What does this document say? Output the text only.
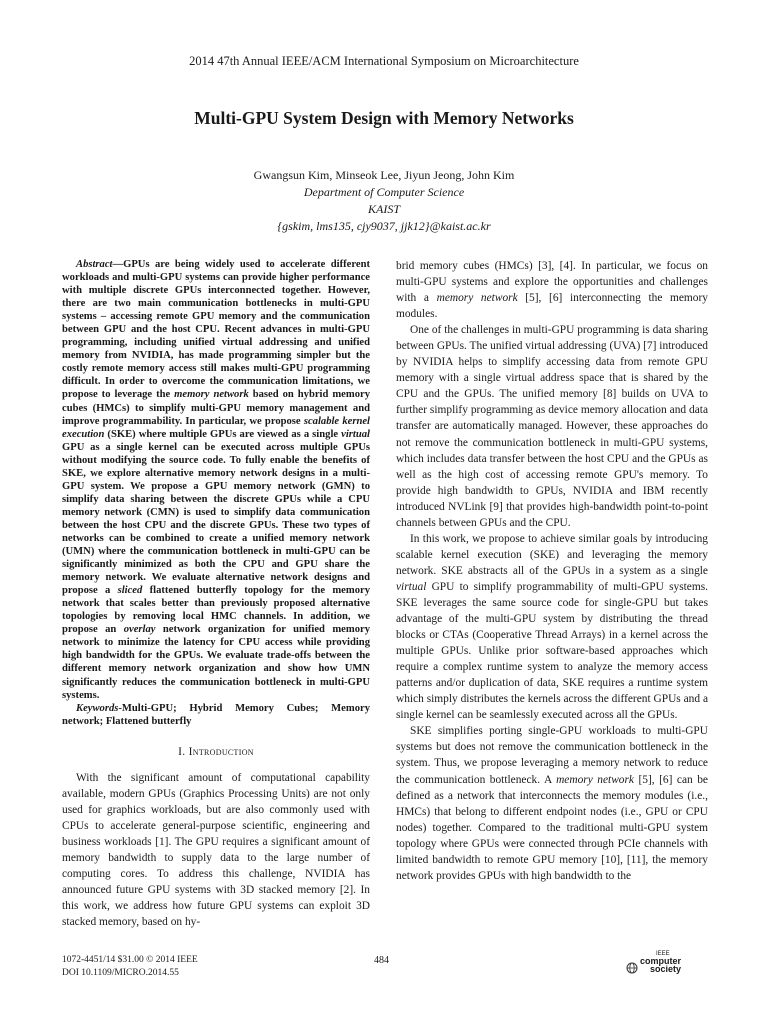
2014 47th Annual IEEE/ACM International Symposium on Microarchitecture
Multi-GPU System Design with Memory Networks
Gwangsun Kim, Minseok Lee, Jiyun Jeong, John Kim
Department of Computer Science
KAIST
{gskim, lms135, cjy9037, jjk12}@kaist.ac.kr

Abstract—GPUs are being widely used to accelerate different workloads and multi-GPU systems can provide higher performance with multiple discrete GPUs interconnected together. However, there are two main communication bottlenecks in multi-GPU systems – accessing remote GPU memory and the communication between GPU and the host CPU. Recent advances in multi-GPU programming, including unified virtual addressing and unified memory from NVIDIA, has made programming simpler but the costly remote memory access still makes multi-GPU programming difficult. In order to overcome the communication limitations, we propose to leverage the memory network based on hybrid memory cubes (HMCs) to simplify multi-GPU memory management and improve programmability. In particular, we propose scalable kernel execution (SKE) where multiple GPUs are viewed as a single virtual GPU as a single kernel can be executed across multiple GPUs without modifying the source code. To fully enable the benefits of SKE, we explore alternative memory network designs in a multi-GPU system. We propose a GPU memory network (GMN) to simplify data sharing between the discrete GPUs while a CPU memory network (CMN) is used to simplify data communication between the host CPU and the discrete GPUs. These two types of networks can be combined to create a unified memory network (UMN) where the communication bottleneck in multi-GPU can be significantly minimized as both the CPU and GPU share the memory network. We evaluate alternative network designs and propose a sliced flattened butterfly topology for the memory network that scales better than previously proposed alternative topologies by removing local HMC channels. In addition, we propose an overlay network organization for unified memory network to minimize the latency for CPU access while providing high bandwidth for the GPUs. We evaluate trade-offs between the different memory network organization and show how UMN significantly reduces the communication bottleneck in multi-GPU systems.

Keywords-Multi-GPU; Hybrid Memory Cubes; Memory network; Flattened butterfly

I. Introduction

With the significant amount of computational capability available, modern GPUs (Graphics Processing Units) are not only used for graphics workloads, but are also commonly used with CPUs to accelerate general-purpose scientific, engineering and business workloads [1]. The GPU requires a significant amount of memory bandwidth to supply data to the large number of computing cores. To address this challenge, NVIDIA has announced future GPU systems with 3D stacked memory [2]. In this work, we address how future GPU systems can exploit 3D stacked memory, based on hy-

brid memory cubes (HMCs) [3], [4]. In particular, we focus on multi-GPU systems and explore the opportunities and challenges with a memory network [5], [6] interconnecting the memory modules.

One of the challenges in multi-GPU programming is data sharing between GPUs. The unified virtual addressing (UVA) [7] introduced by NVIDIA helps to simplify accessing data from remote GPU memory with a single virtual address space that is shared by the CPU and the GPUs. The unified memory [8] builds on UVA to further simplify programming as device memory allocation and data transfer are automatically managed. However, these approaches do not remove the communication bottleneck in multi-GPU systems, which includes data transfer between the host CPU and the GPUs as well as the high cost of accessing remote GPU's memory. To provide high bandwidth to GPUs, NVIDIA and IBM recently introduced NVLink [9] that provides high-bandwidth point-to-point channels between GPUs and the CPU.

In this work, we propose to achieve similar goals by introducing scalable kernel execution (SKE) and leveraging the memory network. SKE abstracts all of the GPUs in a system as a single virtual GPU to simplify programmability of multi-GPU systems. SKE leverages the same source code for single-GPU but takes advantage of the multi-GPU system by distributing the thread blocks or CTAs (Cooperative Thread Arrays) in a kernel across the multiple GPUs. Unlike prior software-based approaches which require a complex runtime system to analyze the memory access patterns and/or duplication of data, SKE requires a runtime system which simply distributes the kernels across the different GPUs and a single kernel can be seamlessly executed across all the GPUs.

SKE simplifies porting single-GPU workloads to multi-GPU systems but does not remove the communication bottleneck in the system. Thus, we propose leveraging a memory network to reduce the communication bottleneck. A memory network [5], [6] can be defined as a network that interconnects the memory modules (i.e., HMCs) that belong to different endpoint nodes (i.e., GPU or CPU nodes) together. Compared to the traditional multi-GPU system topology where GPUs were connected through PCIe channels with limited bandwidth to remote GPU memory [10], [11], the memory network provides GPUs with high bandwidth to the

1072-4451/14 $31.00 © 2014 IEEE
DOI 10.1109/MICRO.2014.55
484
IEEE
computer
society
